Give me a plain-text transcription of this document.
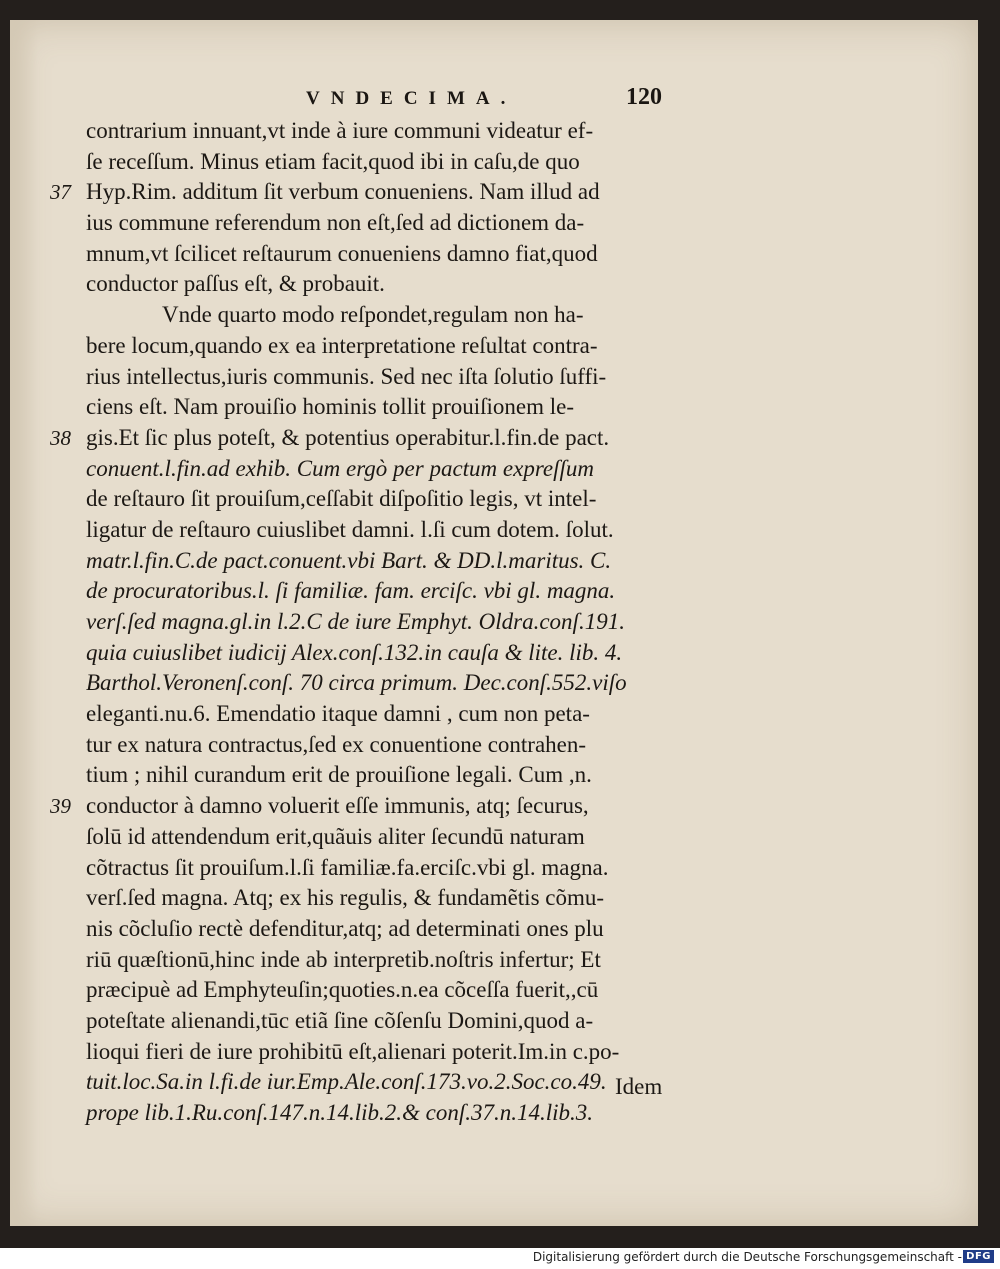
VNDECIMA.	120
contrarium innuant,vt inde à iure communi videatur ef-
ſe receſſum. Minus etiam facit,quod ibi in caſu,de quo
37 Hyp.Rim. additum ſit verbum conueniens. Nam illud ad
ius commune referendum non eſt,ſed ad dictionem da-
mnum,vt ſcilicet reſtaurum conueniens damno fiat,quod
conductor paſſus eſt, & probauit.
Vnde quarto modo reſpondet,regulam non ha-
bere locum,quando ex ea interpretatione reſultat contra-
rius intellectus,iuris communis. Sed nec iſta ſolutio ſuffi-
ciens eſt. Nam prouiſio hominis tollit prouiſionem le-
38 gis.Et ſic plus poteſt, & potentius operabitur.l.fin.de pact.
conuent.l.fin.ad exhib. Cum ergò per pactum expreſſum
de reſtauro ſit prouiſum,ceſſabit diſpoſitio legis, vt intel-
ligatur de reſtauro cuiuslibet damni. l.ſi cum dotem. ſolut.
matr.l.fin.C.de pact.conuent.vbi Bart. & DD.l.maritus. C.
de procuratoribus.l. ſi familiæ. fam. erciſc. vbi gl. magna.
verſ.ſed magna.gl.in l.2.C de iure Emphyt. Oldra.conſ.191.
quia cuiuslibet iudicij Alex.conſ.132.in cauſa & lite. lib. 4.
Barthol.Veronenſ.conſ. 70 circa primum. Dec.conſ.552.viſo
eleganti.nu.6. Emendatio itaque damni , cum non peta-
tur ex natura contractus,ſed ex conuentione contrahen-
tium ; nihil curandum erit de prouiſione legali. Cum ,n.
39 conductor à damno voluerit eſſe immunis, atq; ſecurus,
ſolū id attendendum erit,quãuis aliter ſecundū naturam
cõtractus ſit prouiſum.l.ſi familiæ.fa.erciſc.vbi gl. magna.
verſ.ſed magna. Atq; ex his regulis, & fundamẽtis cõmu-
nis cõcluſio rectè defenditur,atq; ad determinati ones plu
riū quæſtionū,hinc inde ab interpretib.noſtris infertur; Et
præcipuè ad Emphyteuſin;quoties.n.ea cõceſſa fuerit,,cū
poteſtate alienandi,tūc etiã ſine cõſenſu Domini,quod a-
lioqui fieri de iure prohibitū eſt,alienari poterit.Im.in c.po-
tuit.loc.Sa.in l.fi.de iur.Emp.Ale.conſ.173.vo.2.Soc.co.49.
prope lib.1.Ru.conſ.147.n.14.lib.2.& conſ.37.n.14.lib.3.
Idem
Digitalisierung gefördert durch die Deutsche Forschungsgemeinschaft - DFG
